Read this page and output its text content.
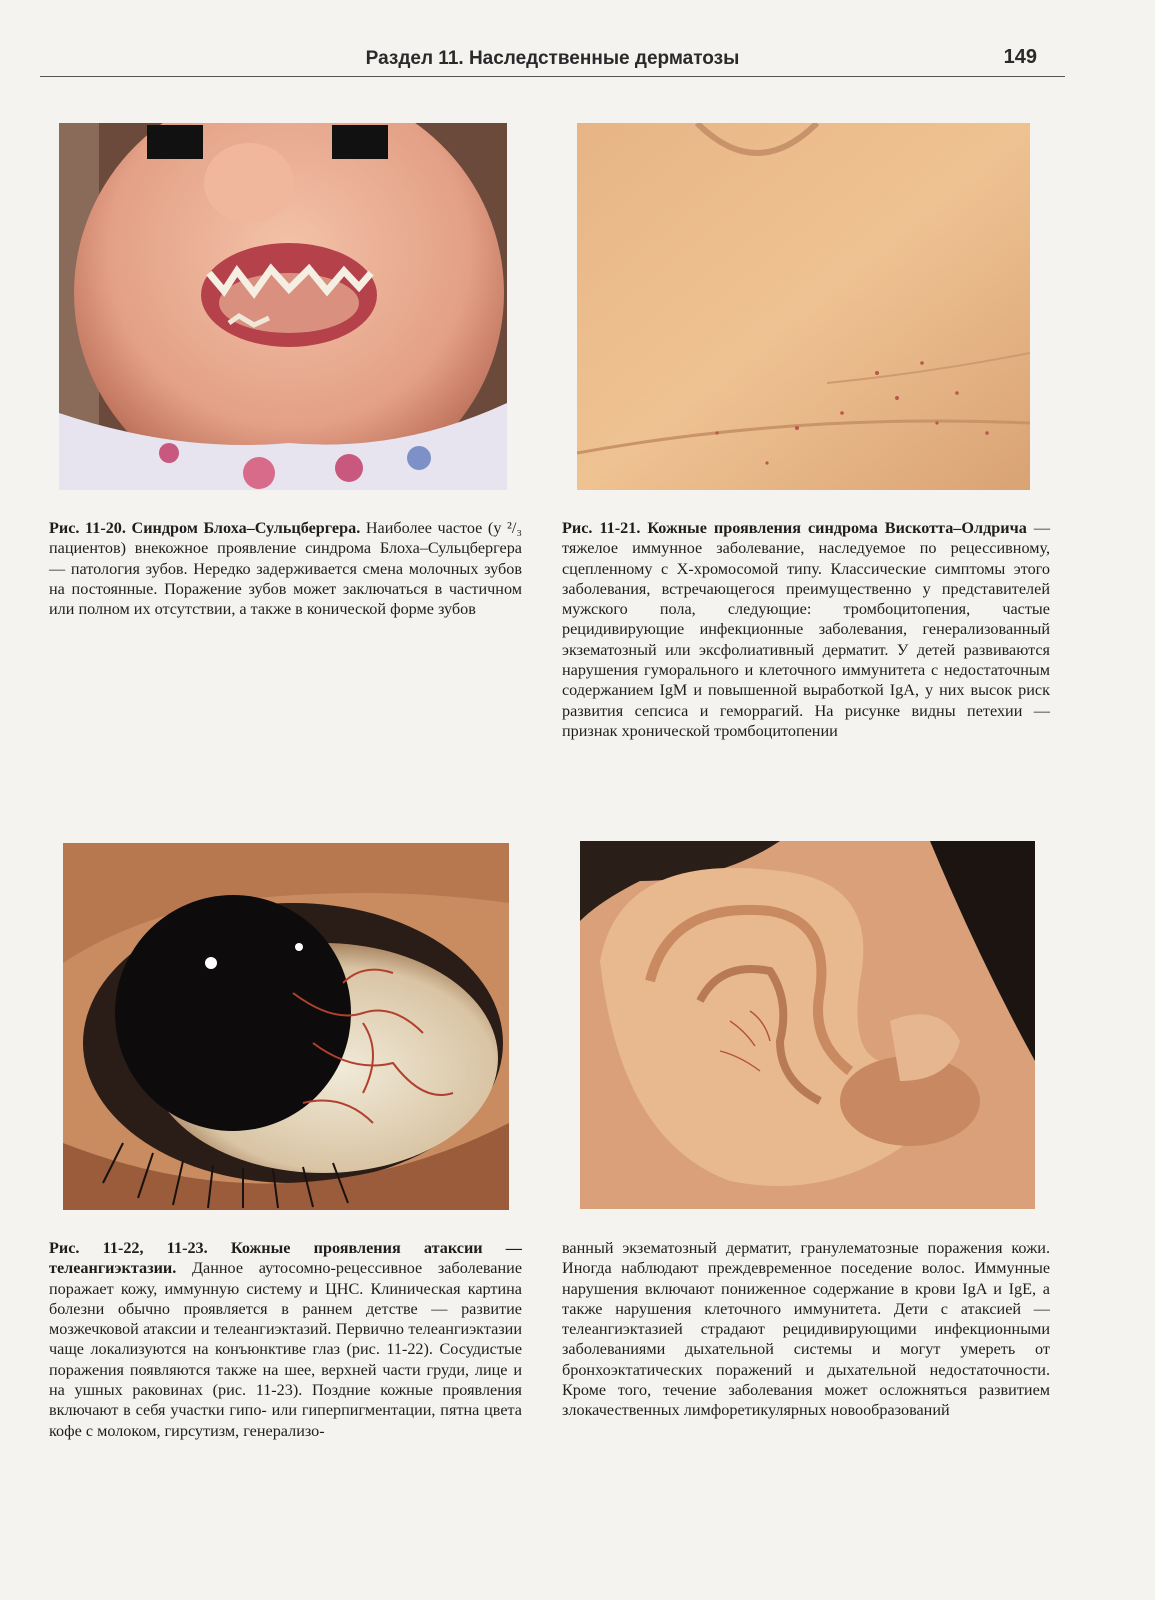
Раздел 11. Наследственные дерматозы	149
Рис. 11-20. Синдром Блоха–Сульцбергера. Наиболее частое (у ²/₃ пациентов) внекожное проявление синдрома Блоха–Сульцбергера — патология зубов. Нередко задерживается смена молочных зубов на постоянные. Поражение зубов может заключаться в частичном или полном их отсутствии, а также в конической форме зубов
Рис. 11-21. Кожные проявления синдрома Вискотта–Олдрича — тяжелое иммунное заболевание, наследуемое по рецессивному, сцепленному с Х-хромосомой типу. Классические симптомы этого заболевания, встречающегося преимущественно у представителей мужского пола, следующие: тромбоцитопения, частые рецидивирующие инфекционные заболевания, генерализованный экзематозный или эксфолиативный дерматит. У детей развиваются нарушения гуморального и клеточного иммунитета с недостаточным содержанием IgM и повышенной выработкой IgA, у них высок риск развития сепсиса и геморрагий. На рисунке видны петехии — признак хронической тромбоцитопении
Рис. 11-22, 11-23. Кожные проявления атаксии — телеангиэктазии. Данное аутосомно-рецессивное заболевание поражает кожу, иммунную систему и ЦНС. Клиническая картина болезни обычно проявляется в раннем детстве — развитие мозжечковой атаксии и телеангиэктазий. Первично телеангиэктазии чаще локализуются на конъюнктиве глаз (рис. 11-22). Сосудистые поражения появляются также на шее, верхней части груди, лице и на ушных раковинах (рис. 11-23). Поздние кожные проявления включают в себя участки гипо- или гиперпигментации, пятна цвета кофе с молоком, гирсутизм, генерализо-
ванный экзематозный дерматит, гранулематозные поражения кожи. Иногда наблюдают преждевременное поседение волос. Иммунные нарушения включают пониженное содержание в крови IgA и IgE, а также нарушения клеточного иммунитета. Дети с атаксией — телеангиэктазией страдают рецидивирующими инфекционными заболеваниями дыхательной системы и могут умереть от бронхоэктатических поражений и дыхательной недостаточности. Кроме того, течение заболевания может осложняться развитием злокачественных лимфоретикулярных новообразований
